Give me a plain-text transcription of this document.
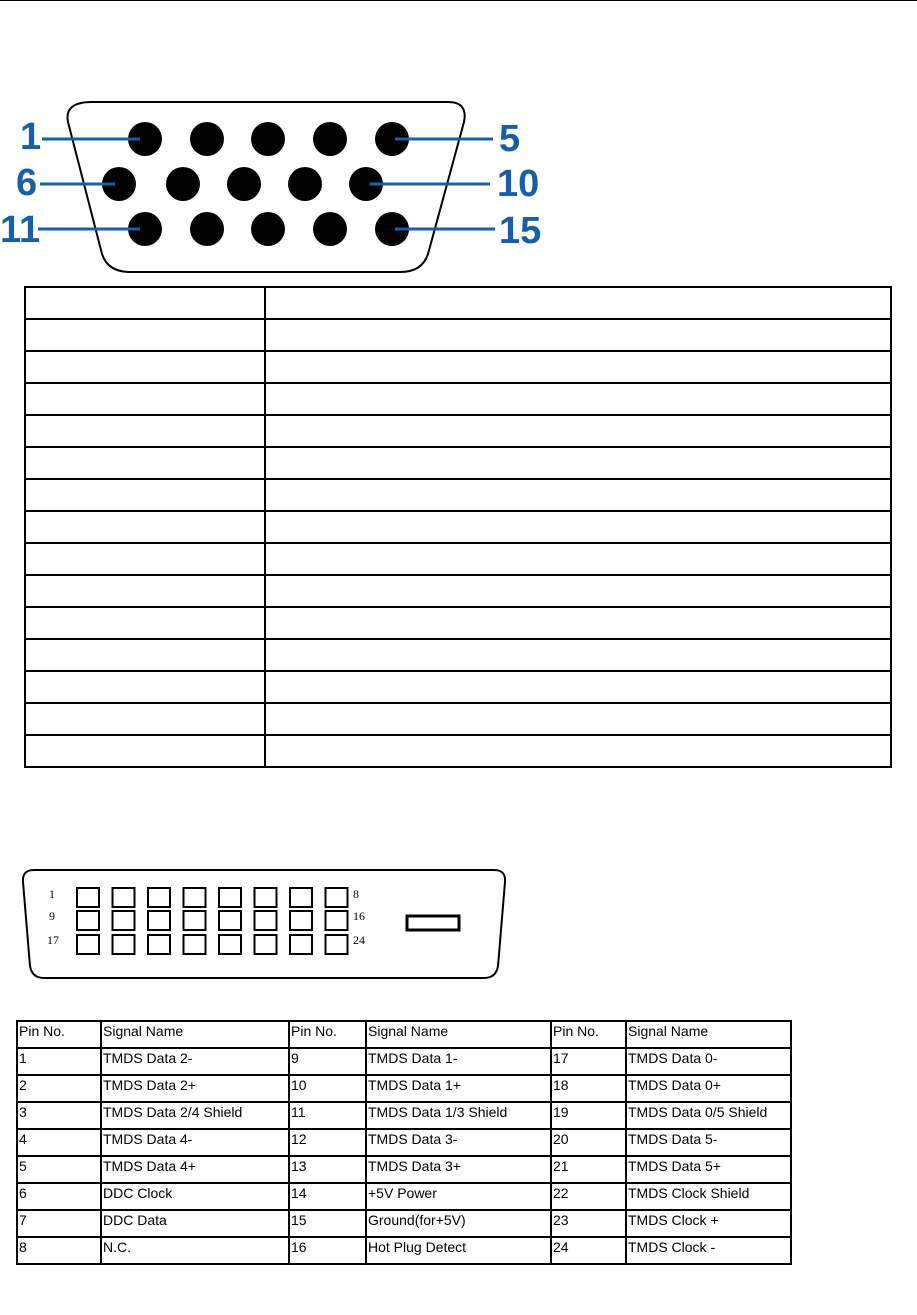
1	5
6	10
11	15

1	8
9	16
17	24
Pin No.	Signal Name	Pin No.	Signal Name	Pin No.	Signal Name
1	TMDS Data 2-	9	TMDS Data 1-	17	TMDS Data 0-
2	TMDS Data 2+	10	TMDS Data 1+	18	TMDS Data 0+
3	TMDS Data 2/4 Shield	11	TMDS Data 1/3 Shield	19	TMDS Data 0/5 Shield
4	TMDS Data 4-	12	TMDS Data 3-	20	TMDS Data 5-
5	TMDS Data 4+	13	TMDS Data 3+	21	TMDS Data 5+
6	DDC Clock	14	+5V Power	22	TMDS Clock Shield
7	DDC Data	15	Ground(for+5V)	23	TMDS Clock +
8	N.C.	16	Hot Plug Detect	24	TMDS Clock -
